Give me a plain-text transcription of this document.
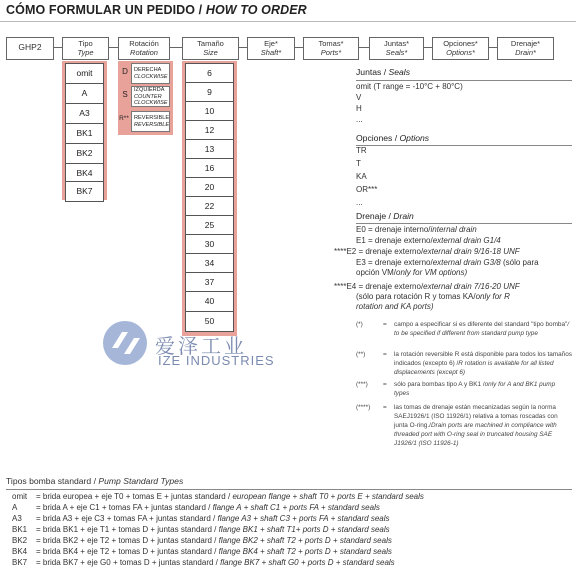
CÓMO FORMULAR UN PEDIDO / HOW TO ORDER
GHP2	Tipo
Type
Rotación
Rotation
Tamaño
Size
Eje*
Shaft*
Tomas*
Ports*
Juntas*
Seals*
Opciones*
Options*
Drenaje*
Drain*
omit
A
A3
BK1
BK2
BK4
BK7
D	DERECHA
CLOCKWISE
S	IZQUIERDA
COUNTER CLOCKWISE
R** REVERSIBLE
REVERSIBLE
6
9
10
12
13
16
20
22
25
30
34
37
40
50
爱泽工业
IZE INDUSTRIES
Juntas / Seals
omit (T range = -10°C + 80°C)
V
H
...
Opciones / Options
TR
T
KA
OR***
...
Drenaje / Drain
E0 = drenaje interno/internal drain
E1 = drenaje externo/external drain G1/4
****E2 = drenaje externo/external drain 9/16-18 UNF
E3 = drenaje externo/external drain G3/8 (sólo para
opción VM/only for VM options)
****E4 = drenaje externo/external drain 7/16-20 UNF
(sólo para rotación R y tomas KA/only for R
rotation and KA ports)
(*)	= campo a especificar si es diferente del standard "tipo bomba"/ to be specified if different from standard pump type
(**)	= la rotación reversible R está disponible para todos los tamaños indicados (excepto 6) /R rotation is available for all listed displacements (except 6)
(***)	= sólo para bombas tipo A y BK1 /only for A and BK1 pump types
(****)	= las tomas de drenaje están mecanizadas según la norma SAEJ1926/1 (ISO 11926/1) relativa a tomas roscadas con junta O-ring./Drain ports are machined in compliance with threaded port with O-ring seal in truncated housing SAE J1926/1 (ISO 11926-1)
Tipos bomba standard / Pump Standard Types
omit	= brida europea + eje T0 + tomas E + juntas standard / european flange + shaft T0 + ports E + standard seals
A	= brida A + eje C1 + tomas FA + juntas standard / flange A + shaft C1 + ports FA + standard seals
A3	= brida A3 + eje C3 + tomas FA + juntas standard / flange A3 + shaft C3 + ports FA + standard seals
BK1	= brida BK1 + eje T1 + tomas D + juntas standard / flange BK1 + shaft T1+ ports D + standard seals
BK2	= brida BK2 + eje T2 + tomas D + juntas standard / flange BK2 + shaft T2 + ports D + standard seals
BK4	= brida BK4 + eje T2 + tomas D + juntas standard / flange BK4 + shaft T2 + ports D + standard seals
BK7	= brida BK7 + eje G0 + tomas D + juntas standard / flange BK7 + shaft G0 + ports D + standard seals
